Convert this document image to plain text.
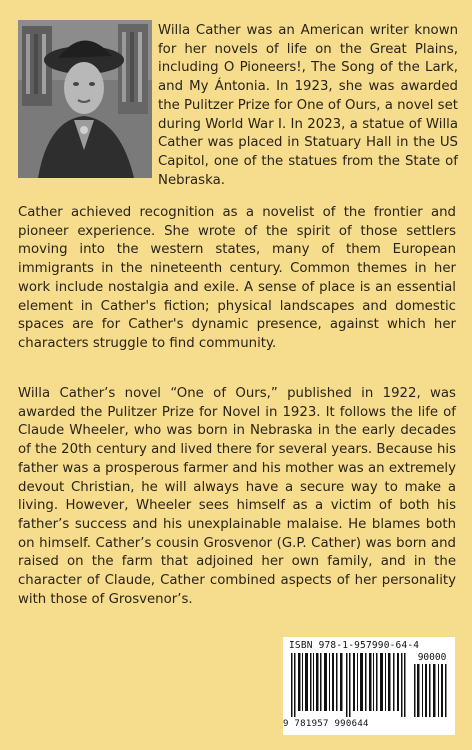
Willa Cather was an American writer known for her novels of life on the Great Plains, including O Pioneers!, The Song of the Lark, and My Ántonia. In 1923, she was awarded the Pulitzer Prize for One of Ours, a novel set during World War I. In 2023, a statue of Willa Cather was placed in Statuary Hall in the US Capitol, one of the statues from the State of Nebraska.

Cather achieved recognition as a novelist of the frontier and pioneer experience. She wrote of the spirit of those settlers moving into the western states, many of them European immigrants in the nineteenth century. Common themes in her work include nostalgia and exile. A sense of place is an essential element in Cather's fiction; physical landscapes and domestic spaces are for Cather's dynamic presence, against which her characters struggle to find community.

Willa Cather’s novel “One of Ours,” published in 1922, was awarded the Pulitzer Prize for Novel in 1923. It follows the life of Claude Wheeler, who was born in Nebraska in the early decades of the 20th century and lived there for several years. Because his father was a prosperous farmer and his mother was an extremely devout Christian, he will always have a secure way to make a living. However, Wheeler sees himself as a victim of both his father’s success and his unexplainable malaise. He blames both on himself. Cather’s cousin Grosvenor (G.P. Cather) was born and raised on the farm that adjoined her own family, and in the character of Claude, Cather combined aspects of her personality with those of Grosvenor’s.

ISBN 978-1-957990-64-4
90000
9 781957 990644
